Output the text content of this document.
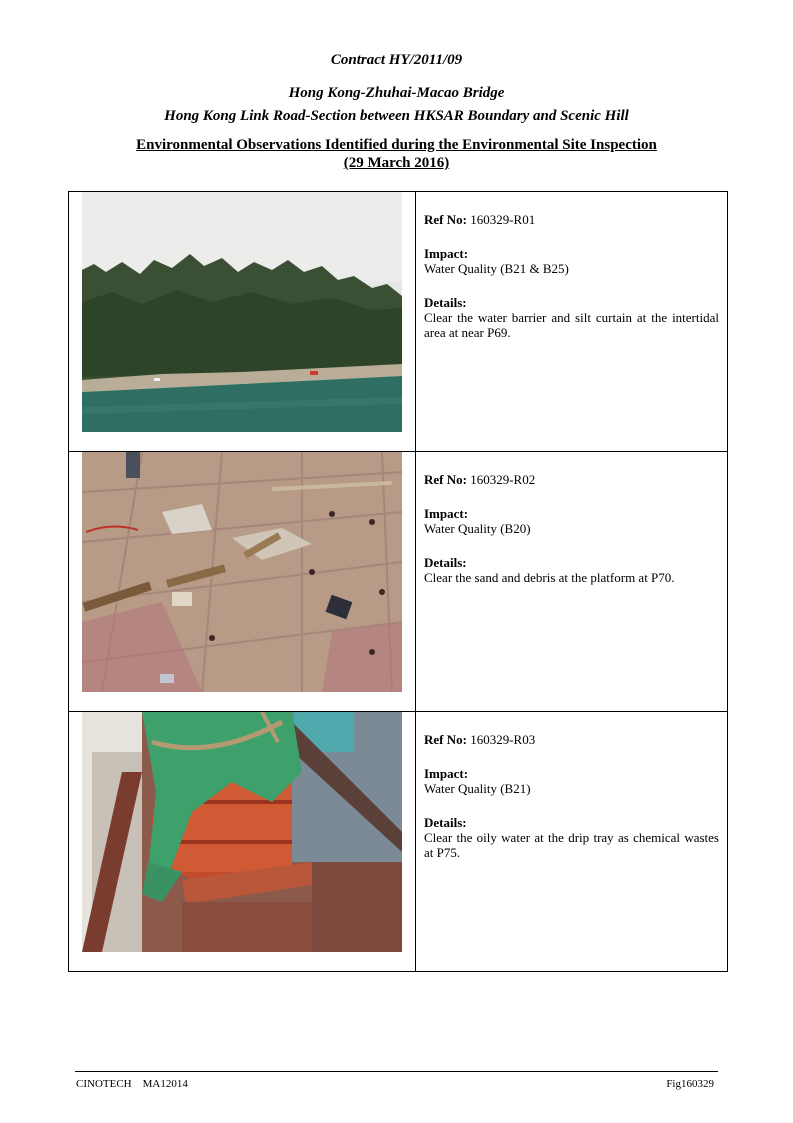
Contract HY/2011/09
Hong Kong-Zhuhai-Macao Bridge
Hong Kong Link Road-Section between HKSAR Boundary and Scenic Hill
Environmental Observations Identified during the Environmental Site Inspection
(29 March 2016)

Ref No: 160329-R01
Impact:
Water Quality (B21 & B25)
Details:
Clear the water barrier and silt curtain at the intertidal area at near P69.

Ref No: 160329-R02
Impact:
Water Quality (B20)
Details:
Clear the sand and debris at the platform at P70.

Ref No: 160329-R03
Impact:
Water Quality (B21)
Details:
Clear the oily water at the drip tray as chemical wastes at P75.
CINOTECH    MA12014	Fig160329
